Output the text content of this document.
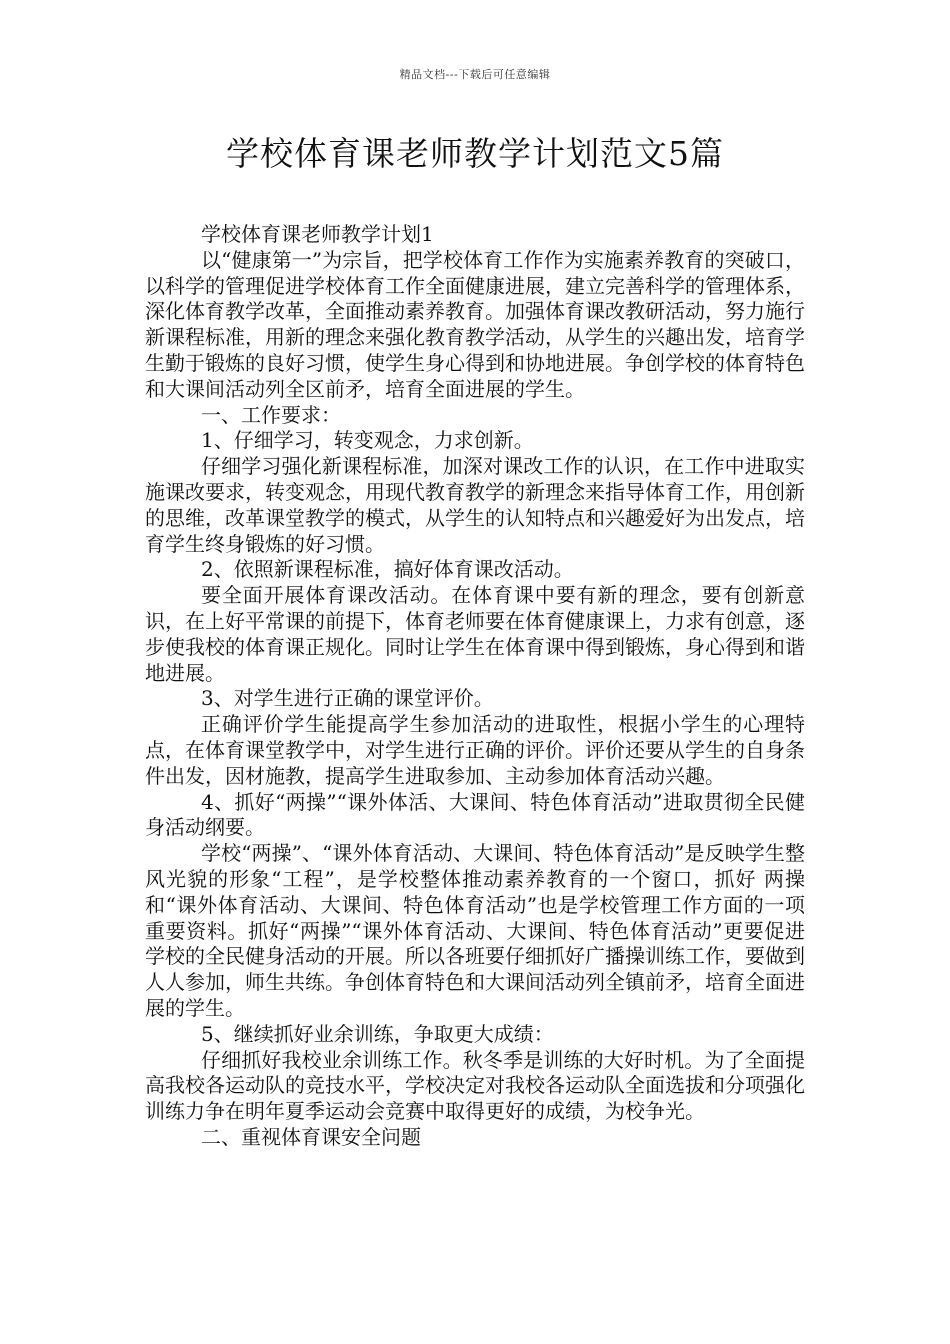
精品文档---下载后可任意编辑
学校体育课老师教学计划范文5篇

学校体育课老师教学计划1

以“健康第一”为宗旨，把学校体育工作作为实施素养教育的突破口，以科学的管理促进学校体育工作全面健康进展，建立完善科学的管理体系，深化体育教学改革，全面推动素养教育。加强体育课改教研活动，努力施行新课程标准，用新的理念来强化教育教学活动，从学生的兴趣出发，培育学生勤于锻炼的良好习惯，使学生身心得到和协地进展。争创学校的体育特色和大课间活动列全区前矛，培育全面进展的学生。

一、工作要求：

1、仔细学习，转变观念，力求创新。

仔细学习强化新课程标准，加深对课改工作的认识，在工作中进取实施课改要求，转变观念，用现代教育教学的新理念来指导体育工作，用创新的思维，改革课堂教学的模式，从学生的认知特点和兴趣爱好为出发点，培育学生终身锻炼的好习惯。

2、依照新课程标准，搞好体育课改活动。

要全面开展体育课改活动。在体育课中要有新的理念，要有创新意识，在上好平常课的前提下，体育老师要在体育健康课上，力求有创意，逐步使我校的体育课正规化。同时让学生在体育课中得到锻炼，身心得到和谐地进展。

3、对学生进行正确的课堂评价。

正确评价学生能提高学生参加活动的进取性，根据小学生的心理特点，在体育课堂教学中，对学生进行正确的评价。评价还要从学生的自身条件出发，因材施教，提高学生进取参加、主动参加体育活动兴趣。

4、抓好“两操”“课外体活、大课间、特色体育活动”进取贯彻全民健身活动纲要。

学校“两操”、“课外体育活动、大课间、特色体育活动”是反映学生整风光貌的形象“工程”，是学校整体推动素养教育的一个窗口，抓好 两操 和“课外体育活动、大课间、特色体育活动”也是学校管理工作方面的一项重要资料。抓好“两操”“课外体育活动、大课间、特色体育活动”更要促进学校的全民健身活动的开展。所以各班要仔细抓好广播操训练工作，要做到人人参加，师生共练。争创体育特色和大课间活动列全镇前矛，培育全面进展的学生。

5、继续抓好业余训练，争取更大成绩：

仔细抓好我校业余训练工作。秋冬季是训练的大好时机。为了全面提高我校各运动队的竞技水平，学校决定对我校各运动队全面选拔和分项强化训练力争在明年夏季运动会竞赛中取得更好的成绩，为校争光。

二、重视体育课安全问题
